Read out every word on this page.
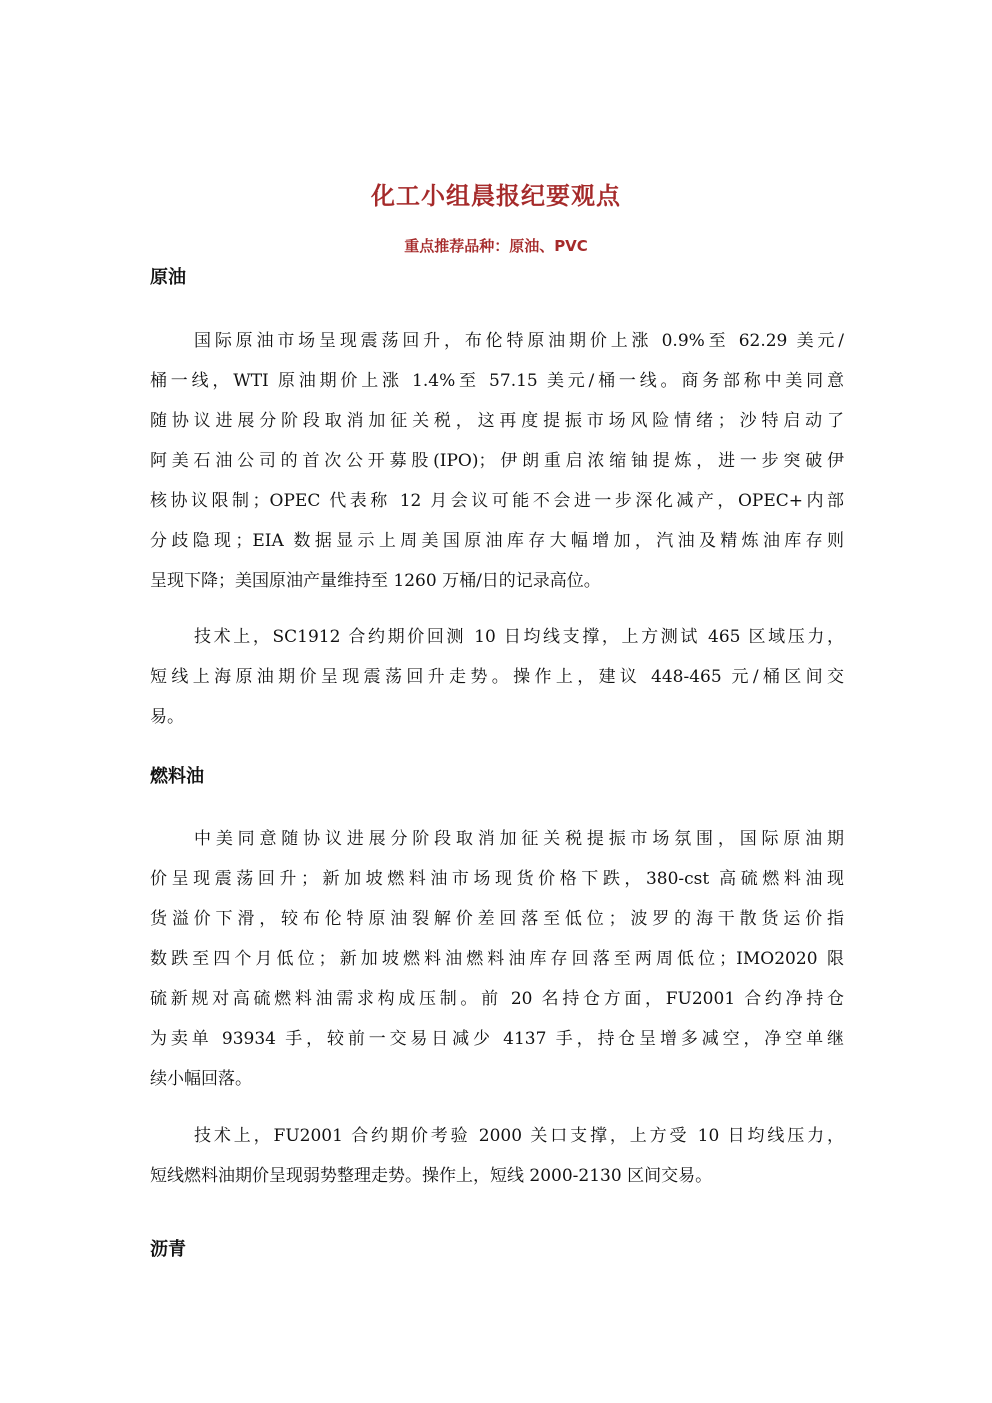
化工小组晨报纪要观点
重点推荐品种：原油、PVC
原油
国际原油市场呈现震荡回升，布伦特原油期价上涨 0.9%至 62.29 美元/
桶一线，WTI 原油期价上涨 1.4%至 57.15 美元/桶一线。商务部称中美同意
随协议进展分阶段取消加征关税，这再度提振市场风险情绪；沙特启动了
阿美石油公司的首次公开募股(IPO)；伊朗重启浓缩铀提炼，进一步突破伊
核协议限制；OPEC 代表称 12 月会议可能不会进一步深化减产，OPEC+内部
分歧隐现；EIA 数据显示上周美国原油库存大幅增加，汽油及精炼油库存则
呈现下降；美国原油产量维持至 1260 万桶/日的记录高位。
技术上，SC1912 合约期价回测 10 日均线支撑，上方测试 465 区域压力，
短线上海原油期价呈现震荡回升走势。操作上，建议 448-465 元/桶区间交
易。
燃料油
中美同意随协议进展分阶段取消加征关税提振市场氛围，国际原油期
价呈现震荡回升；新加坡燃料油市场现货价格下跌，380-cst 高硫燃料油现
货溢价下滑，较布伦特原油裂解价差回落至低位；波罗的海干散货运价指
数跌至四个月低位；新加坡燃料油燃料油库存回落至两周低位；IMO2020 限
硫新规对高硫燃料油需求构成压制。前 20 名持仓方面，FU2001 合约净持仓
为卖单 93934 手，较前一交易日减少 4137 手，持仓呈增多减空，净空单继
续小幅回落。
技术上，FU2001 合约期价考验 2000 关口支撑，上方受 10 日均线压力，
短线燃料油期价呈现弱势整理走势。操作上，短线 2000-2130 区间交易。
沥青
